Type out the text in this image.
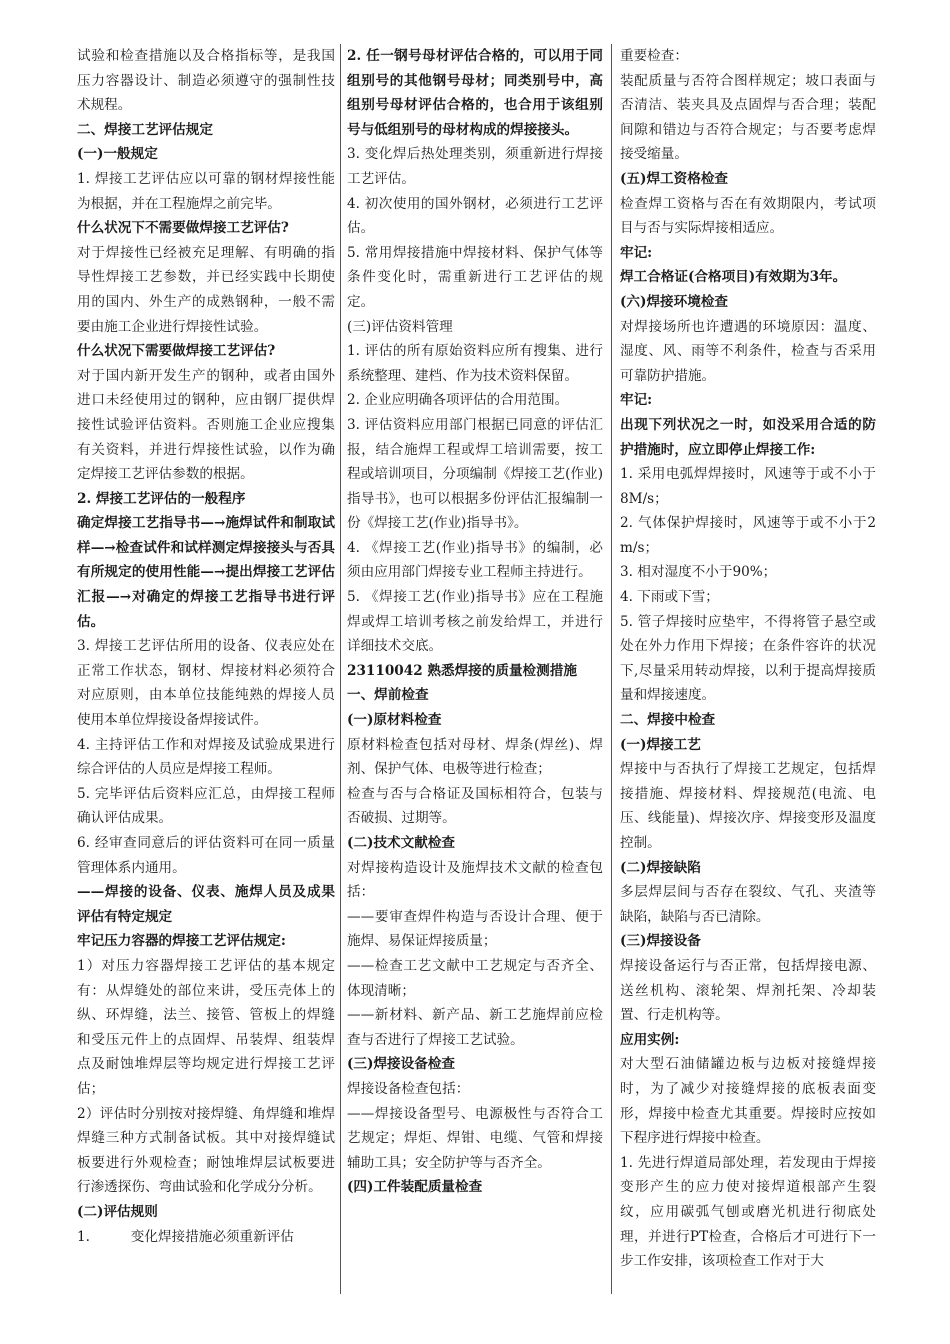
试验和检查措施以及合格指标等，是我国压力容器设计、制造必须遵守的强制性技术规程。

二、焊接工艺评估规定

(一)一般规定

1. 焊接工艺评估应以可靠的钢材焊接性能为根据，并在工程施焊之前完毕。

什么状况下不需要做焊接工艺评估?

对于焊接性已经被充足理解、有明确的指导性焊接工艺参数，并已经实践中长期使用的国内、外生产的成熟钢种，一般不需要由施工企业进行焊接性试验。

什么状况下需要做焊接工艺评估?

对于国内新开发生产的钢种，或者由国外进口未经使用过的钢种，应由钢厂提供焊接性试验评估资料。否则施工企业应搜集有关资料，并进行焊接性试验，以作为确定焊接工艺评估参数的根据。

2. 焊接工艺评估的一般程序

确定焊接工艺指导书—→施焊试件和制取试样—→检查试件和试样测定焊接接头与否具有所规定的使用性能—→提出焊接工艺评估汇报—→对确定的焊接工艺指导书进行评估。

3. 焊接工艺评估所用的设备、仪表应处在正常工作状态，钢材、焊接材料必须符合对应原则，由本单位技能纯熟的焊接人员使用本单位焊接设备焊接试件。

4. 主持评估工作和对焊接及试验成果进行综合评估的人员应是焊接工程师。

5. 完毕评估后资料应汇总，由焊接工程师确认评估成果。

6. 经审查同意后的评估资料可在同一质量管理体系内通用。

——焊接的设备、仪表、施焊人员及成果评估有特定规定

牢记压力容器的焊接工艺评估规定:

1）对压力容器焊接工艺评估的基本规定有：从焊缝处的部位来讲，受压壳体上的纵、环焊缝，法兰、接管、管板上的焊缝和受压元件上的点固焊、吊装焊、组装焊点及耐蚀堆焊层等均规定进行焊接工艺评估；

2）评估时分别按对接焊缝、角焊缝和堆焊焊缝三种方式制备试板。其中对接焊缝试板要进行外观检查；耐蚀堆焊层试板要进行渗透探伤、弯曲试验和化学成分分析。

(二)评估规则

1.　　　变化焊接措施必须重新评估

2. 任一钢号母材评估合格的，可以用于同组别号的其他钢号母材；同类别号中，高组别号母材评估合格的，也合用于该组别号与低组别号的母材构成的焊接接头。

3. 变化焊后热处理类别，须重新进行焊接工艺评估。

4. 初次使用的国外钢材，必须进行工艺评估。

5. 常用焊接措施中焊接材料、保护气体等条件变化时，需重新进行工艺评估的规定。

(三)评估资料管理

1. 评估的所有原始资料应所有搜集、进行系统整理、建档、作为技术资料保留。

2. 企业应明确各项评估的合用范围。

3. 评估资料应用部门根据已同意的评估汇报，结合施焊工程或焊工培训需要，按工程或培训项目，分项编制《焊接工艺(作业)指导书》，也可以根据多份评估汇报编制一份《焊接工艺(作业)指导书》。

4. 《焊接工艺(作业)指导书》的编制，必须由应用部门焊接专业工程师主持进行。

5. 《焊接工艺(作业)指导书》应在工程施焊或焊工培训考核之前发给焊工，并进行详细技术交底。

23110042 熟悉焊接的质量检测措施

一、焊前检查

(一)原材料检查

原材料检查包括对母材、焊条(焊丝)、焊剂、保护气体、电极等进行检查；

检查与否与合格证及国标相符合，包装与否破损、过期等。

(二)技术文献检查

对焊接构造设计及施焊技术文献的检查包括：

——要审查焊件构造与否设计合理、便于施焊、易保证焊接质量；

——检查工艺文献中工艺规定与否齐全、体现清晰；

——新材料、新产品、新工艺施焊前应检查与否进行了焊接工艺试验。

(三)焊接设备检查

焊接设备检查包括：

——焊接设备型号、电源极性与否符合工艺规定；焊炬、焊钳、电缆、气管和焊接辅助工具；安全防护等与否齐全。

(四)工件装配质量检查

重要检查：

装配质量与否符合图样规定；坡口表面与否清洁、装夹具及点固焊与否合理；装配间隙和错边与否符合规定；与否要考虑焊接受缩量。

(五)焊工资格检查

检查焊工资格与否在有效期限内，考试项目与否与实际焊接相适应。

牢记:

焊工合格证(合格项目)有效期为3年。

(六)焊接环境检查

对焊接场所也许遭遇的环境原因：温度、湿度、风、雨等不利条件，检查与否采用可靠防护措施。

牢记:

出现下列状况之一时，如没采用合适的防护措施时，应立即停止焊接工作:

1. 采用电弧焊焊接时，风速等于或不小于8M/s；

2. 气体保护焊接时，风速等于或不小于2m/s；

3. 相对湿度不小于90%；

4. 下雨或下雪；

5. 管子焊接时应垫牢，不得将管子悬空或处在外力作用下焊接；在条件容许的状况下,尽量采用转动焊接，以利于提高焊接质量和焊接速度。

二、焊接中检查

(一)焊接工艺

焊接中与否执行了焊接工艺规定，包括焊接措施、焊接材料、焊接规范(电流、电压、线能量)、焊接次序、焊接变形及温度控制。

(二)焊接缺陷

多层焊层间与否存在裂纹、气孔、夹渣等缺陷，缺陷与否已清除。

(三)焊接设备

焊接设备运行与否正常，包括焊接电源、送丝机构、滚轮架、焊剂托架、冷却装置、行走机构等。

应用实例:

对大型石油储罐边板与边板对接缝焊接时，为了减少对接缝焊接的底板表面变形，焊接中检查尤其重要。焊接时应按如下程序进行焊接中检查。

1. 先进行焊道局部处理，若发现由于焊接变形产生的应力使对接焊道根部产生裂纹，应用碳弧气刨或磨光机进行彻底处理，并进行PT检查，合格后才可进行下一步工作安排，该项检查工作对于大
